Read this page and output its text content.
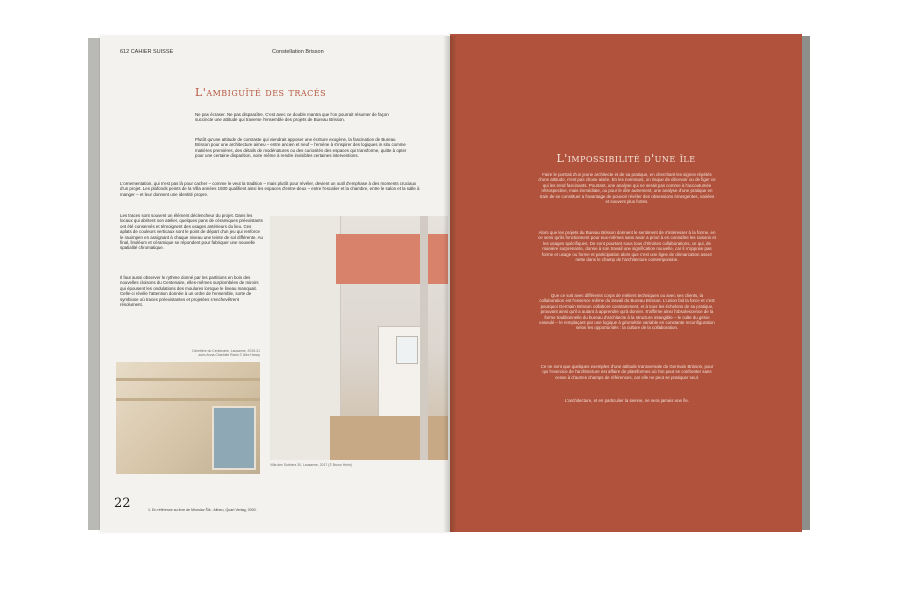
612 CAHIER SUISSE	Constellation Brisson
L'ambiguïté des tracés

Ne pas écraser. Ne pas disparaître. C'est avec ce double mantra que l'on pourrait résumer de façon succincte une attitude qui traverse l'ensemble des projets de Bureau Brisson.

Plutôt qu'une attitude de contraste qui viendrait apposer une écriture exogène, la fascination de Bureau Brisson pour une architecture aimeu – entre ancien et neuf – l'emène à s'inspirer des logiques in situ comme matières premières, des détails de modénatures ou des curiosités des espaces qui transforme, quitte à opter pour une certaine disparition, voire même à rendre invisibles certaines interventions.

L'ornementation, qui n'est pas là pour cacher – comme le veut la tradition – mais plutôt pour révéler, devient un outil d'emphase à des moments cruciaux d'un projet. Les plafonds peints de la Villa années 1930 qualifient ainsi les espaces d'entre-deux – entre l'escalier et la chambre, entre le salon et la salle à manger – et leur donnent une identité propre.

Les traces sont souvent un élément déclencheur du projet. Dans les locaux qui abritent son atelier, quelques pans de céramiques préexistants ont été conservés et témoignent des usages antérieurs du lieu. Ces aplats de couleurs verticaux sont le point de départ d'un jeu qui renforce le rauimpen en assignant à chaque niveau une teinte de sol différente. Au final, linoléum et céramique se répondent pour fabriquer une nouvelle spatialité chromatique.

Il faut aussi observer le rythme donné par les partitions en bois des nouvelles cloisons du Centenaire, elles-mêmes surplombées de miroirs qui épousent les ondulations des moulures lorsque le lineau manquait. Celle-ci révèle l'attention donnée à un ordre de l'ensemble, sorte de symbiose où traces préexistantes et projetées s'enchevêtrent résolument.

Villa des Sorbiers 30, Lausanne, 2017 (© Bruno Heim)
Cimetière du Centenaire, Lausanne, 2019-21 avec Anna-Charlotte Ravis © Alex Hancy
22	1. En référence au livre de Miroslav Šik : Altneu, Quart Verlag, 2000.
L'impossibilité d'une île

Faire le portrait d'un jeune architecte et de sa pratique, en cherchant les signes répétés d'une attitude, n'est pas chose aisée. En les nommant, on risque de décevoir ou de figer ce qui les rend fascinants. Pourtant, une analyse qui ne serait pas comme à l'accoutumée rétrospective, mais immédiate, ou pour le dire autrement, une analyse d'une pratique en train de se constituer a l'avantage de pouvoir révéler des obsessions émergentes, variées et souvent plus fortes.

Alors que les projets du Bureau Brisson donnent le sentiment de s'intéresser à la forme, en ce sens qu'ils fonctionnent pour eux-mêmes sans avoir a priori à en connaître les raisons et les usages spécifiques. De sont pourtant sous tous d'étroites collaborations, ce qui, de manière surprenante, donne à son travail une signification nouvelle, car il n'oppose pas forme et usage ou forme et participation alors que c'est une ligne de démarcation assez nette dans le champ de l'architecture contemporaine.

Que ce soit avec différents corps de métiers techniques ou avec ses clients, la collaboration est l'essence même du travail du Bureau Brisson. L'union fait la force et c'est pourquoi Germain Brisson collabore constamment, et à tous les échelons de sa pratique, prouvant ainsi qu'il a autant à apprendre qu'à donner. S'affirme ainsi l'obsolescence de la forme traditionnelle du bureau d'architecte à la structure intangible – le culte du génie esseulé – le remplaçant par une logique à géométrie variable en constante reconfiguration selon les opportunités : la culture de la collaboration.

Ce ne sont que quelques exemples d'une attitude transversale de Germain Brisson, pour qui l'exercice de l'architecture est affaire de plateformes où l'on peut se confronter sans cesse à d'autres champs de références, car elle ne peut se pratiquer seul.

L'architecture, et en particulier la sienne, ne sera jamais une île.
